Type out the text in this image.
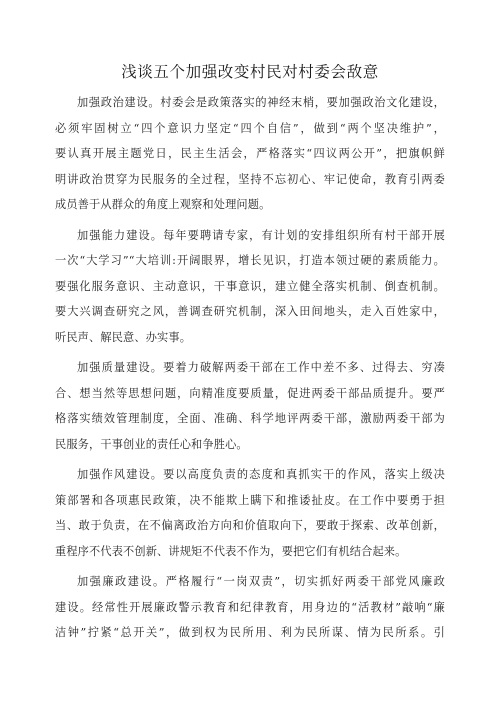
浅谈五个加强改变村民对村委会敌意
加强政治建设。村委会是政策落实的神经末梢，要加强政治文化建设，
必须牢固树立“四个意识力坚定“四个自信”，做到“两个坚决维护”，
要认真开展主题党日，民主生活会，严格落实“四议两公开”，把旗帜鲜
明讲政治贯穿为民服务的全过程，坚持不忘初心、牢记使命，教育引两委
成员善于从群众的角度上观察和处理问题。
加强能力建设。每年要聘请专家，有计划的安排组织所有村干部开展
一次“大学习”“大培训:开阔眼界，增长见识，打造本领过硬的素质能力。
要强化服务意识、主动意识，干事意识，建立健全落实机制、倒查机制。
要大兴调查研究之风，善调查研究机制，深入田间地头，走入百姓家中，
听民声、解民意、办实事。
加强质量建设。要着力破解两委干部在工作中差不多、过得去、穷凑
合、想当然等思想问题，向精准度要质量，促进两委干部品质提升。要严
格落实绩效管理制度，全面、准确、科学地评两委干部，激励两委干部为
民服务，干事创业的责任心和争胜心。
加强作风建设。要以高度负责的态度和真抓实干的作风，落实上级决
策部署和各项惠民政策，决不能欺上瞒下和推诿扯皮。在工作中要勇于担
当、敢于负责，在不偏离政治方向和价值取向下，要敢于探索、改革创新，
重程序不代表不创新、讲规矩不代表不作为，要把它们有机结合起来。
加强廉政建设。严格履行“一岗双责”，切实抓好两委干部党风廉政
建设。经常性开展廉政警示教育和纪律教育，用身边的“活教材”敲响“廉
洁钟”拧紧“总开关”，做到权为民所用、利为民所谋、情为民所系。引
